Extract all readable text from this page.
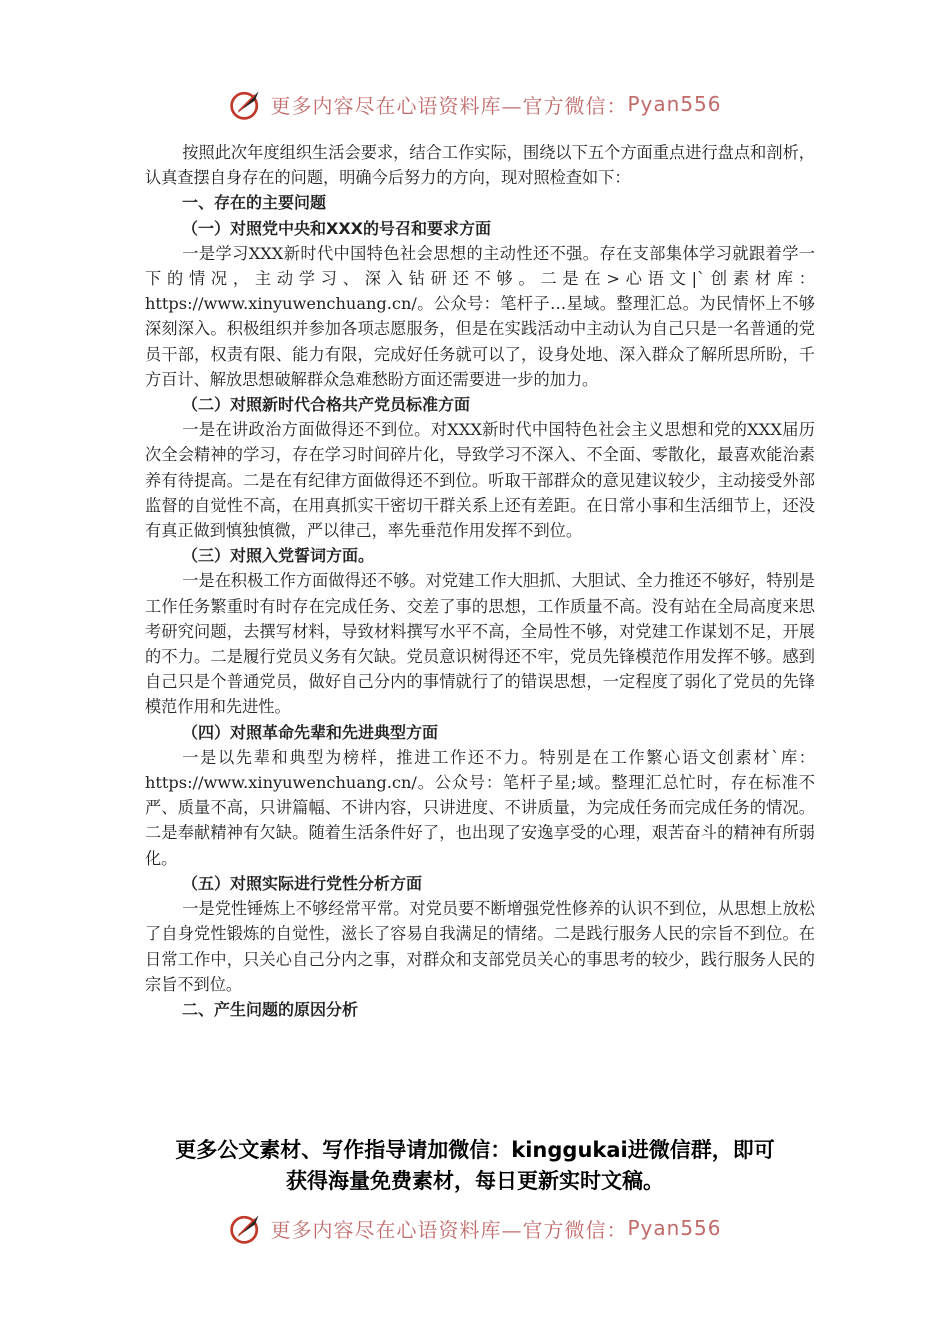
更多内容尽在心语资料库—官方微信： Pyan556

按照此次年度组织生活会要求，结合工作实际，围绕以下五个方面重点进行盘点和剖析，认真查摆自身存在的问题，明确今后努力的方向，现对照检查如下：

一、存在的主要问题

（一）对照党中央和XXX的号召和要求方面

一是学习XXX新时代中国特色社会思想的主动性还不强。存在支部集体学习就跟着学一下的情况，主动学习、深入钻研还不够。二是在>心语文|`创素材库：https://www.xinyuwenchuang.cn/。公众号：笔杆子…星域。整理汇总。为民情怀上不够深刻深入。积极组织并参加各项志愿服务，但是在实践活动中主动认为自己只是一名普通的党员干部，权责有限、能力有限，完成好任务就可以了，设身处地、深入群众了解所思所盼，千方百计、解放思想破解群众急难愁盼方面还需要进一步的加力。

（二）对照新时代合格共产党员标准方面

一是在讲政治方面做得还不到位。对XXX新时代中国特色社会主义思想和党的XXX届历次全会精神的学习，存在学习时间碎片化，导致学习不深入、不全面、零散化，最喜欢能治素养有待提高。二是在有纪律方面做得还不到位。听取干部群众的意见建议较少，主动接受外部监督的自觉性不高，在用真抓实干密切干群关系上还有差距。在日常小事和生活细节上，还没有真正做到慎独慎微，严以律己，率先垂范作用发挥不到位。

（三）对照入党誓词方面。

一是在积极工作方面做得还不够。对党建工作大胆抓、大胆试、全力推还不够好，特别是工作任务繁重时有时存在完成任务、交差了事的思想，工作质量不高。没有站在全局高度来思考研究问题，去撰写材料，导致材料撰写水平不高，全局性不够，对党建工作谋划不足，开展的不力。二是履行党员义务有欠缺。党员意识树得还不牢，党员先锋模范作用发挥不够。感到自己只是个普通党员，做好自己分内的事情就行了的错误思想，一定程度了弱化了党员的先锋模范作用和先进性。

（四）对照革命先辈和先进典型方面

一是以先辈和典型为榜样，推进工作还不力。特别是在工作繁心语文创素材`库：https://www.xinyuwenchuang.cn/。公众号：笔杆子星;域。整理汇总忙时，存在标准不严、质量不高，只讲篇幅、不讲内容，只讲进度、不讲质量，为完成任务而完成任务的情况。二是奉献精神有欠缺。随着生活条件好了，也出现了安逸享受的心理，艰苦奋斗的精神有所弱化。

（五）对照实际进行党性分析方面

一是党性锤炼上不够经常平常。对党员要不断增强党性修养的认识不到位，从思想上放松了自身党性锻炼的自觉性，滋长了容易自我满足的情绪。二是践行服务人民的宗旨不到位。在日常工作中，只关心自己分内之事，对群众和支部党员关心的事思考的较少，践行服务人民的宗旨不到位。

二、产生问题的原因分析

更多公文素材、写作指导请加微信：kinggukai进微信群，即可
获得海量免费素材，每日更新实时文稿。
更多内容尽在心语资料库—官方微信： Pyan556
